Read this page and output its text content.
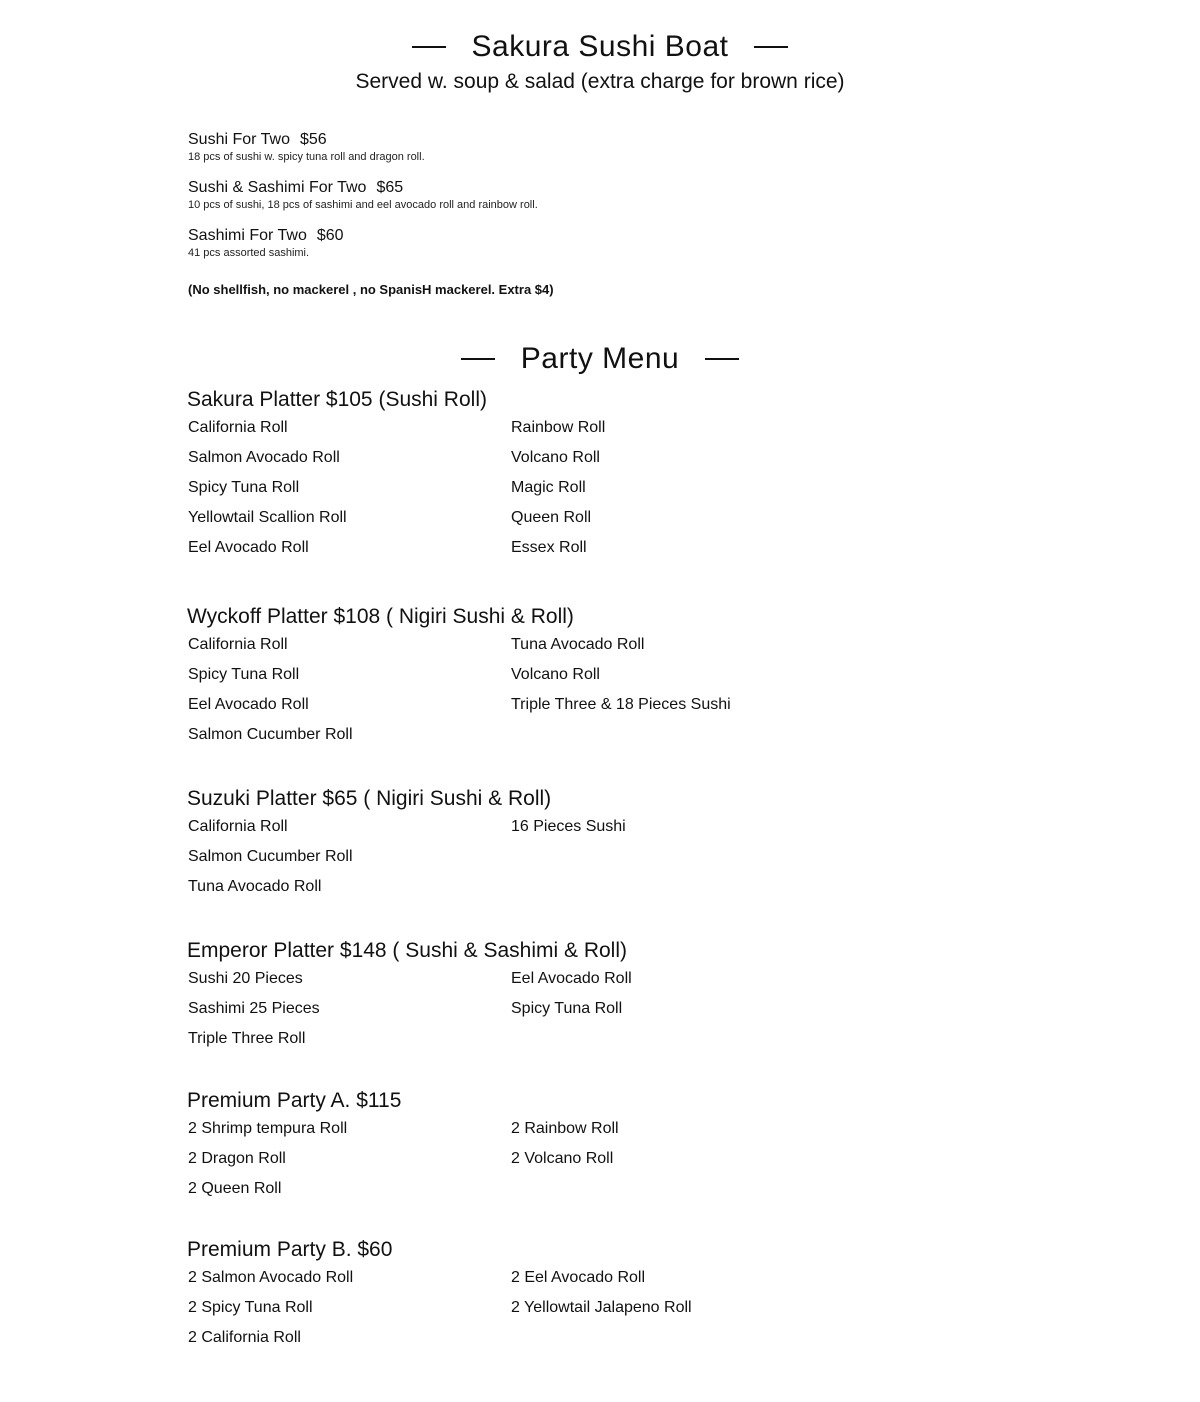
Sakura Sushi Boat
Served w. soup & salad (extra charge for brown rice)
Sushi For Two $56
18 pcs of sushi w. spicy tuna roll and dragon roll.
Sushi & Sashimi For Two $65
10 pcs of sushi, 18 pcs of sashimi and eel avocado roll and rainbow roll.
Sashimi For Two $60
41 pcs assorted sashimi.
(No shellfish, no mackerel , no SpanisH mackerel. Extra $4)
Party Menu
Sakura Platter $105 (Sushi Roll)
California Roll
Salmon Avocado Roll
Spicy Tuna Roll
Yellowtail Scallion Roll
Eel Avocado Roll
Rainbow Roll
Volcano Roll
Magic Roll
Queen Roll
Essex Roll
Wyckoff Platter $108 ( Nigiri Sushi & Roll)
California Roll
Spicy Tuna Roll
Eel Avocado Roll
Salmon Cucumber Roll
Tuna Avocado Roll
Volcano Roll
Triple Three & 18 Pieces Sushi
Suzuki Platter $65 ( Nigiri Sushi & Roll)
California Roll
Salmon Cucumber Roll
Tuna Avocado Roll
16 Pieces Sushi
Emperor Platter $148 ( Sushi & Sashimi & Roll)
Sushi 20 Pieces
Sashimi 25 Pieces
Triple Three Roll
Eel Avocado Roll
Spicy Tuna Roll
Premium Party A. $115
2 Shrimp tempura Roll
2 Dragon Roll
2 Queen Roll
2 Rainbow Roll
2 Volcano Roll
Premium Party B. $60
2 Salmon Avocado Roll
2 Spicy Tuna Roll
2 California Roll
2 Eel Avocado Roll
2 Yellowtail Jalapeno Roll
